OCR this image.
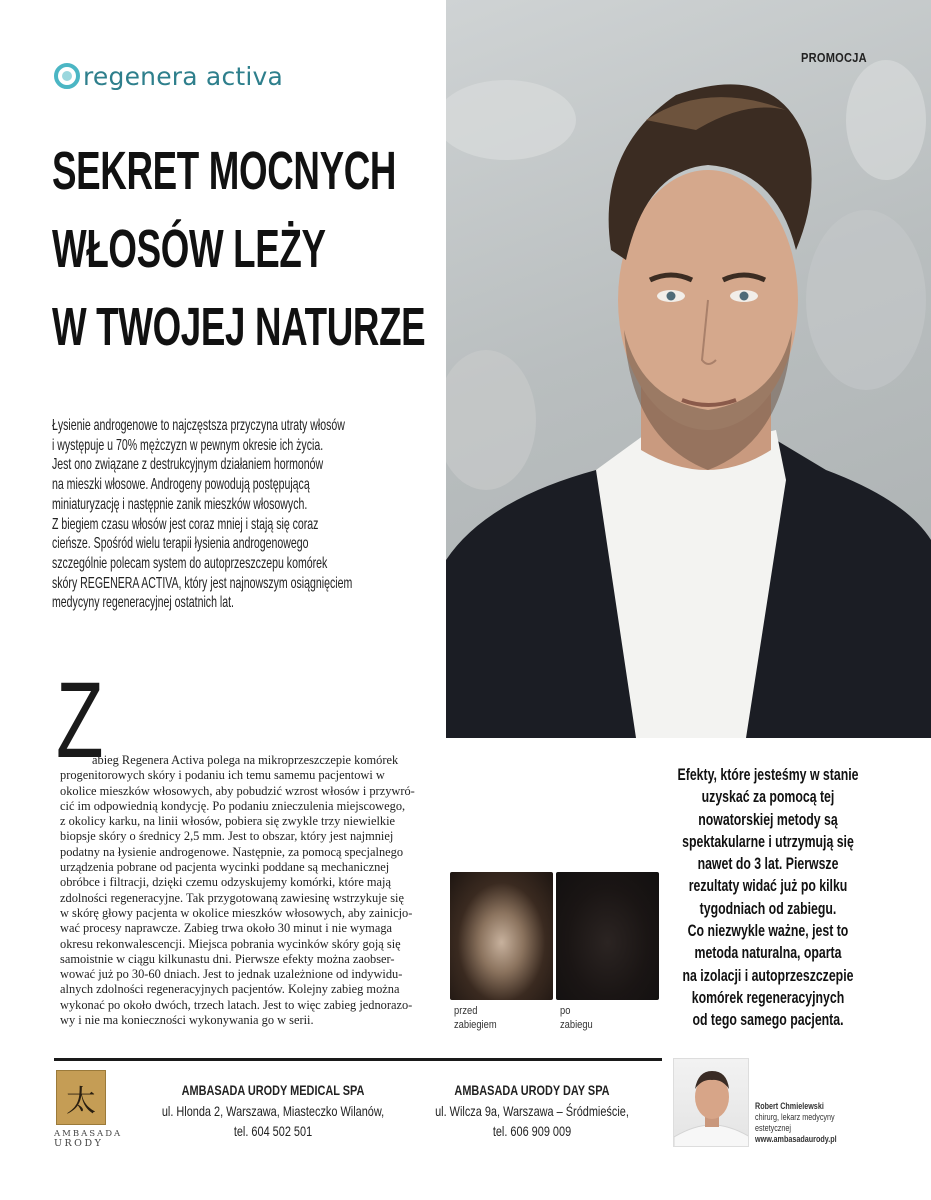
regenera activa
SEKRET MOCNYCH
WŁOSÓW LEŻY
W TWOJEJ NATURZE

Łysienie androgenowe to najczęstsza przyczyna utraty włosów
i występuje u 70% mężczyzn w pewnym okresie ich życia.
Jest ono związane z destrukcyjnym działaniem hormonów
na mieszki włosowe. Androgeny powodują postępującą
miniaturyzację i następnie zanik mieszków włosowych.
Z biegiem czasu włosów jest coraz mniej i stają się coraz
cieńsze. Spośród wielu terapii łysienia androgenowego
szczególnie polecam system do autoprzeszczepu komórek
skóry REGENERA ACTIVA, który jest najnowszym osiągnięciem
medycyny regeneracyjnej ostatnich lat.

PROMOCJA
Z
abieg Regenera Activa polega na mikroprzeszczepie komórek
progenitorowych skóry i podaniu ich temu samemu pacjentowi w
okolice mieszków włosowych, aby pobudzić wzrost włosów i przywró-
cić im odpowiednią kondycję. Po podaniu znieczulenia miejscowego,
z okolicy karku, na linii włosów, pobiera się zwykle trzy niewielkie
biopsje skóry o średnicy 2,5 mm. Jest to obszar, który jest najmniej
podatny na łysienie androgenowe. Następnie, za pomocą specjalnego
urządzenia pobrane od pacjenta wycinki poddane są mechanicznej
obróbce i filtracji, dzięki czemu odzyskujemy komórki, które mają
zdolności regeneracyjne. Tak przygotowaną zawiesinę wstrzykuje się
w skórę głowy pacjenta w okolice mieszków włosowych, aby zainicjo-
wać procesy naprawcze. Zabieg trwa około 30 minut i nie wymaga
okresu rekonwalescencji. Miejsca pobrania wycinków skóry goją się
samoistnie w ciągu kilkunastu dni. Pierwsze efekty można zaobser-
wować już po 30-60 dniach. Jest to jednak uzależnione od indywidu-
alnych zdolności regeneracyjnych pacjentów. Kolejny zabieg można
wykonać po około dwóch, trzech latach. Jest to więc zabieg jednorazo-
wy i nie ma konieczności wykonywania go w serii.
przed
zabiegiem
po
zabiegu
Efekty, które jesteśmy w stanie
uzyskać za pomocą tej
nowatorskiej metody są
spektakularne i utrzymują się
nawet do 3 lat. Pierwsze
rezultaty widać już po kilku
tygodniach od zabiegu.
Co niezwykle ważne, jest to
metoda naturalna, oparta
na izolacji i autoprzeszczepie
komórek regeneracyjnych
od tego samego pacjenta.
太
AMBASADA
URODY
AMBASADA URODY MEDICAL SPA
ul. Hlonda 2, Warszawa, Miasteczko Wilanów,
tel. 604 502 501
AMBASADA URODY DAY SPA
ul. Wilcza 9a, Warszawa – Śródmieście,
tel. 606 909 009
Robert Chmielewski
chirurg, lekarz medycyny
estetycznej
www.ambasadaurody.pl
